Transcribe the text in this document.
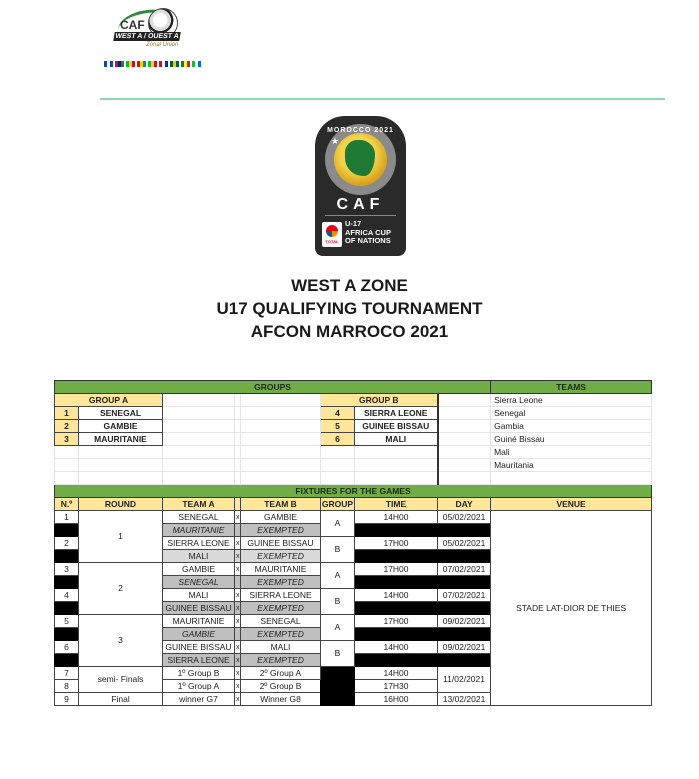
CAF
WEST A / OUEST A
Zonal Union
MOROCCO 2021
★
CAF
TOTAL
U-17
AFRICA CUP
OF NATIONS
WEST A ZONE
U17 QUALIFYING TOURNAMENT
AFCON MARROCO 2021
GROUPS								TEAMS
GROUP A					GROUP B			Sierra Leone
1	SENEGAL				4	SIERRA LEONE		Senegal
2	GAMBIE				5	GUINEE BISSAU		Gambia
3	MAURITANIE				6	MALI		Guiné Bissau
								Mali
								Mauritania

FIXTURES FOR THE GAMES								
N.º	ROUND	TEAM A		TEAM B	GROUP	TIME	DAY	VENUE
1	1	SENEGAL	x	GAMBIE	A	14H00	05/02/2021	STADE LAT-DIOR DE THIES
		MAURITANIE		EXEMPTED				
2		SIERRA LEONE	x	GUINEE BISSAU	B	17H00	05/02/2021	
		MALI	x	EXEMPTED				
3	2	GAMBIE	x	MAURITANIE	A	17H00	07/02/2021	
		SENEGAL		EXEMPTED				
4		MALI	x	SIERRA LEONE	B	14H00	07/02/2021	
		GUINEE BISSAU	x	EXEMPTED				
5	3	MAURITANIE	x	SENEGAL	A	17H00	09/02/2021	
		GAMBIE		EXEMPTED				
6		GUINEE BISSAU	x	MALI	B	14H00	09/02/2021	
		SIERRA LEONE	x	EXEMPTED				
7	semi- Finals	1º Group B	x	2º Group A		14H00	11/02/2021	
8		1º Group A	x	2º Group B		17H30		
9	Final	winner G7	x	Winner G8		16H00	13/02/2021	
